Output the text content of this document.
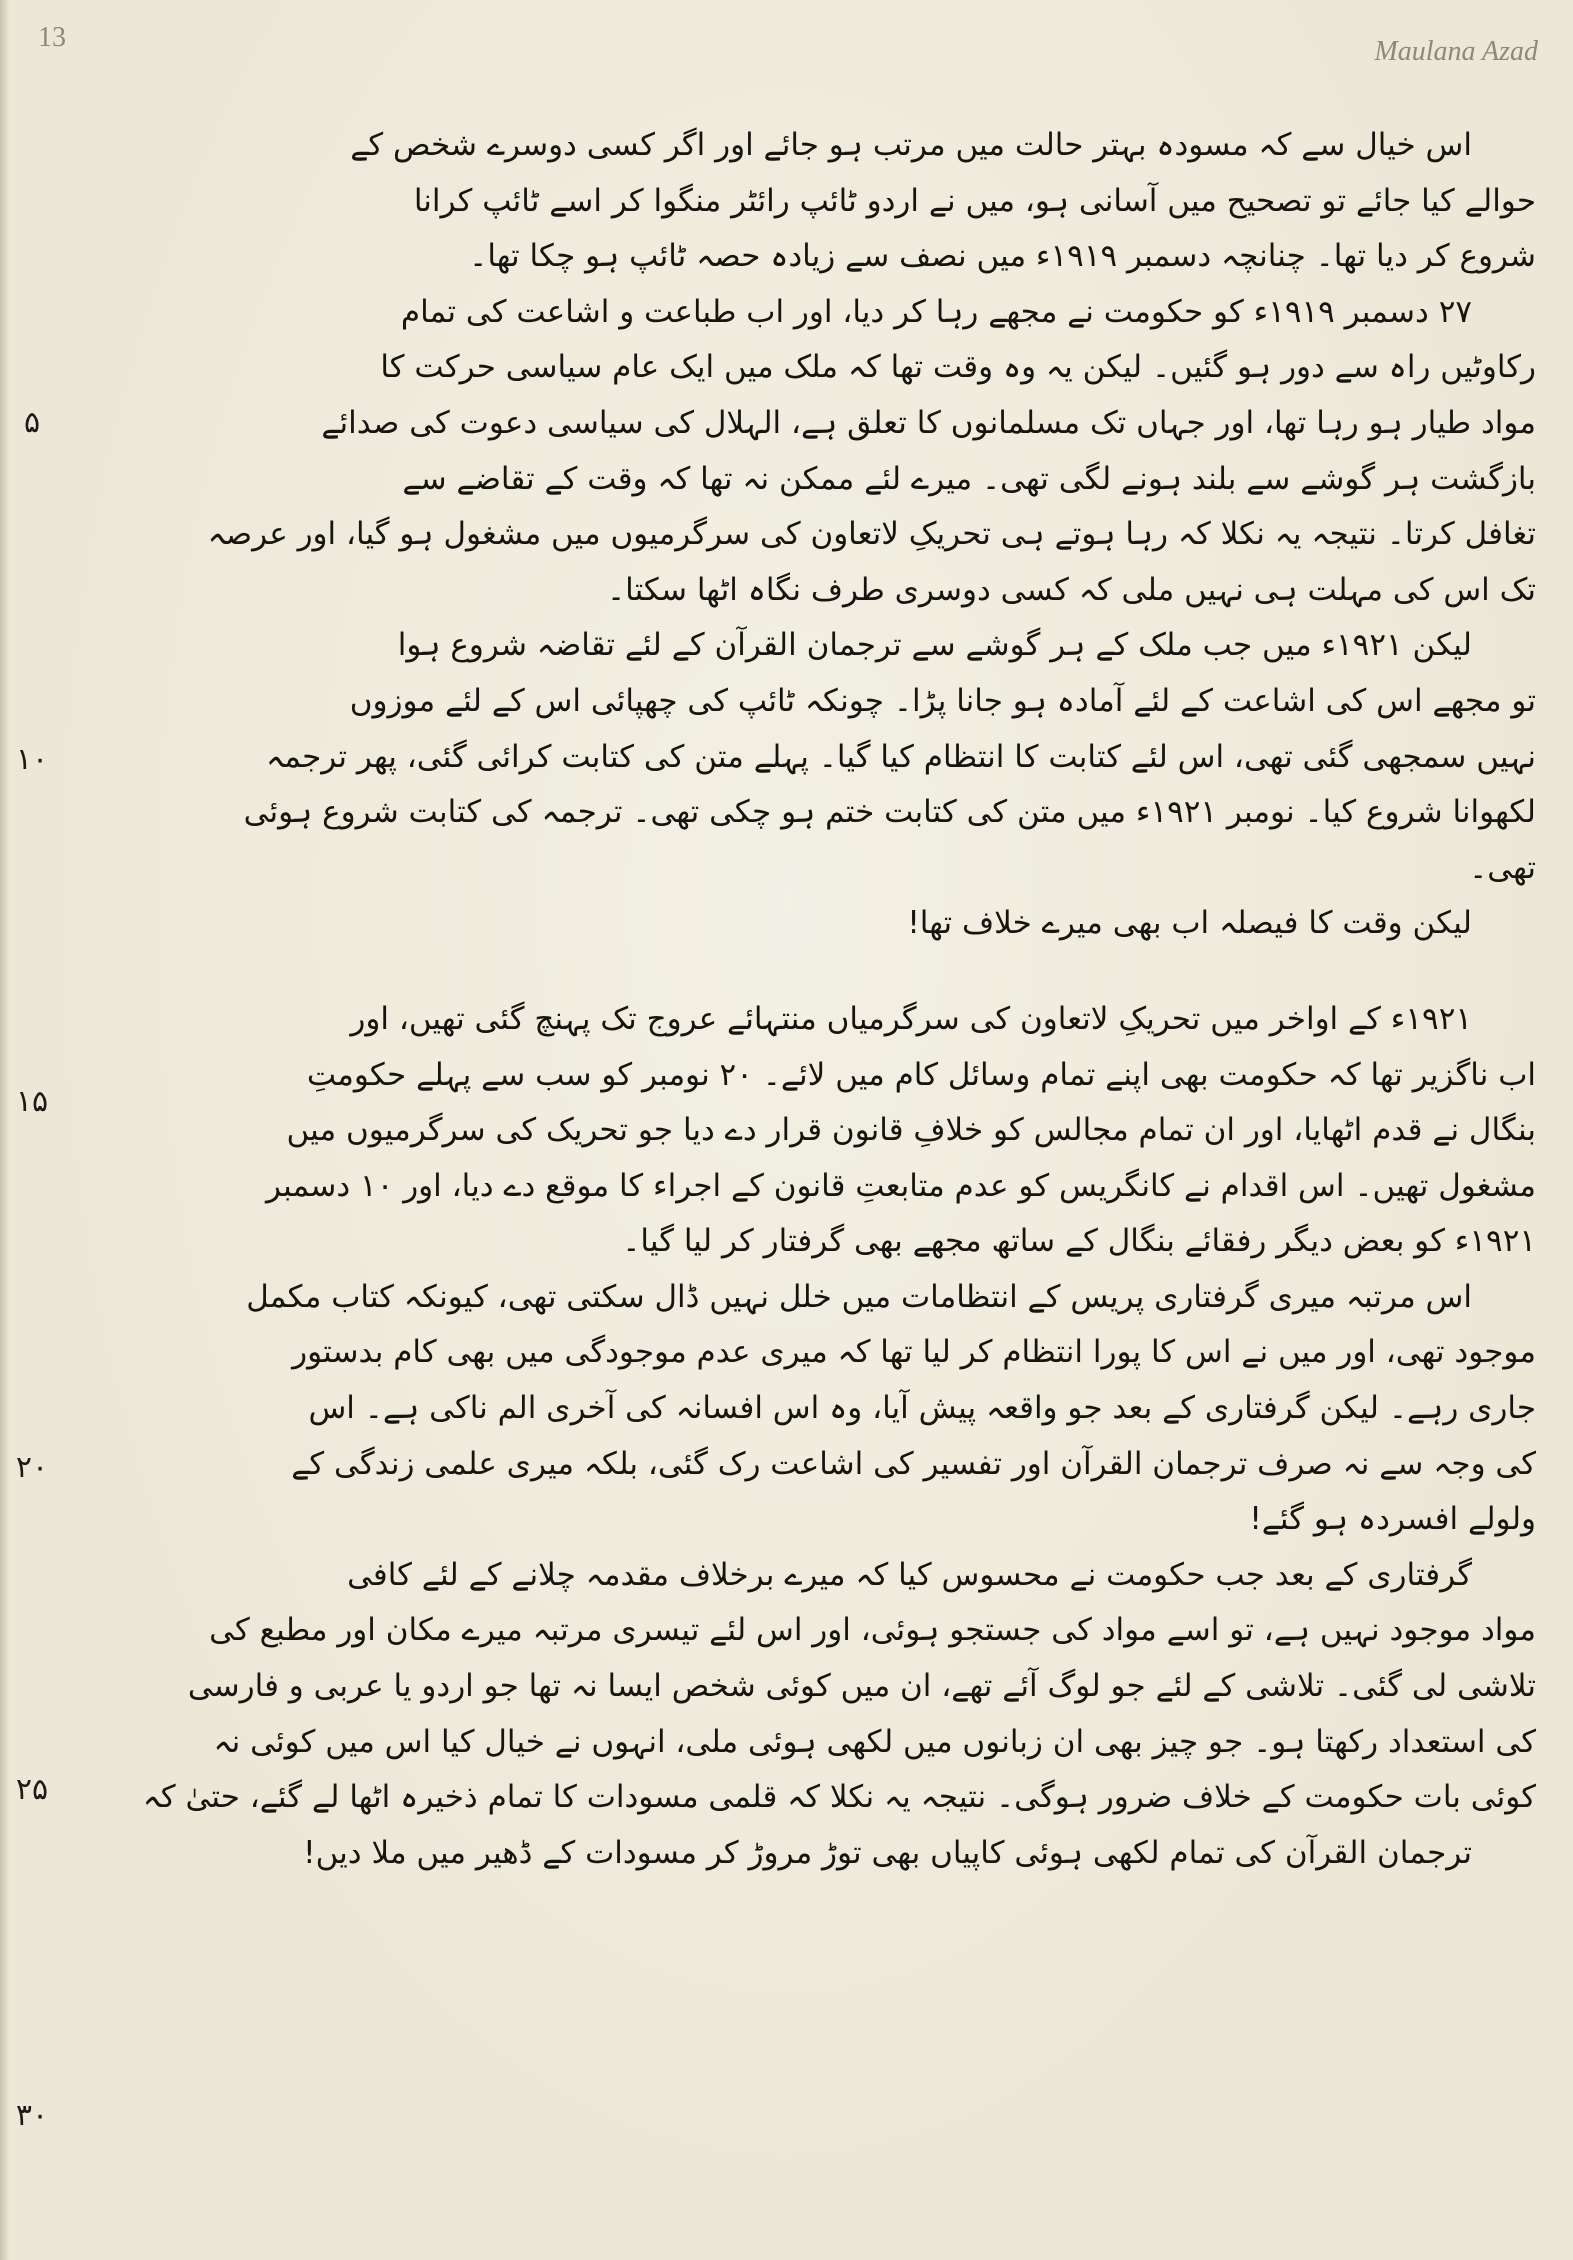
13	Maulana Azad
۵
۱۰
۱۵
۲۰
۲۵
۳۰
اس خیال سے کہ مسودہ بہتر حالت میں مرتب ہو جائے اور اگر کسی دوسرے شخص کے
حوالے کیا جائے تو تصحیح میں آسانی ہو، میں نے اردو ٹائپ رائٹر منگوا کر اسے ٹائپ کرانا
شروع کر دیا تھا۔ چنانچہ دسمبر ۱۹۱۹ء میں نصف سے زیادہ حصہ ٹائپ ہو چکا تھا۔
۲۷ دسمبر ۱۹۱۹ء کو حکومت نے مجھے رہا کر دیا، اور اب طباعت و اشاعت کی تمام
رکاوٹیں راہ سے دور ہو گئیں۔ لیکن یہ وہ وقت تھا کہ ملک میں ایک عام سیاسی حرکت کا
مواد طیار ہو رہا تھا، اور جہاں تک مسلمانوں کا تعلق ہے، الہلال کی سیاسی دعوت کی صدائے
بازگشت ہر گوشے سے بلند ہونے لگی تھی۔ میرے لئے ممکن نہ تھا کہ وقت کے تقاضے سے
تغافل کرتا۔ نتیجہ یہ نکلا کہ رہا ہوتے ہی تحریکِ لاتعاون کی سرگرمیوں میں مشغول ہو گیا، اور عرصہ
تک اس کی مہلت ہی نہیں ملی کہ کسی دوسری طرف نگاہ اٹھا سکتا۔
لیکن ۱۹۲۱ء میں جب ملک کے ہر گوشے سے ترجمان القرآن کے لئے تقاضہ شروع ہوا
تو مجھے اس کی اشاعت کے لئے آمادہ ہو جانا پڑا۔ چونکہ ٹائپ کی چھپائی اس کے لئے موزوں
نہیں سمجھی گئی تھی، اس لئے کتابت کا انتظام کیا گیا۔ پہلے متن کی کتابت کرائی گئی، پھر ترجمہ
لکھوانا شروع کیا۔ نومبر ۱۹۲۱ء میں متن کی کتابت ختم ہو چکی تھی۔ ترجمہ کی کتابت شروع ہوئی
تھی۔
لیکن وقت کا فیصلہ اب بھی میرے خلاف تھا!
۱۹۲۱ء کے اواخر میں تحریکِ لاتعاون کی سرگرمیاں منتہائے عروج تک پہنچ گئی تھیں، اور
اب ناگزیر تھا کہ حکومت بھی اپنے تمام وسائل کام میں لائے۔ ۲۰ نومبر کو سب سے پہلے حکومتِ
بنگال نے قدم اٹھایا، اور ان تمام مجالس کو خلافِ قانون قرار دے دیا جو تحریک کی سرگرمیوں میں
مشغول تھیں۔ اس اقدام نے کانگریس کو عدم متابعتِ قانون کے اجراء کا موقع دے دیا، اور ۱۰ دسمبر
۱۹۲۱ء کو بعض دیگر رفقائے بنگال کے ساتھ مجھے بھی گرفتار کر لیا گیا۔
اس مرتبہ میری گرفتاری پریس کے انتظامات میں خلل نہیں ڈال سکتی تھی، کیونکہ کتاب مکمل
موجود تھی، اور میں نے اس کا پورا انتظام کر لیا تھا کہ میری عدم موجودگی میں بھی کام بدستور
جاری رہے۔ لیکن گرفتاری کے بعد جو واقعہ پیش آیا، وہ اس افسانہ کی آخری الم ناکی ہے۔ اس
کی وجہ سے نہ صرف ترجمان القرآن اور تفسیر کی اشاعت رک گئی، بلکہ میری علمی زندگی کے
ولولے افسردہ ہو گئے!
گرفتاری کے بعد جب حکومت نے محسوس کیا کہ میرے برخلاف مقدمہ چلانے کے لئے کافی
مواد موجود نہیں ہے، تو اسے مواد کی جستجو ہوئی، اور اس لئے تیسری مرتبہ میرے مکان اور مطبع کی
تلاشی لی گئی۔ تلاشی کے لئے جو لوگ آئے تھے، ان میں کوئی شخص ایسا نہ تھا جو اردو یا عربی و فارسی
کی استعداد رکھتا ہو۔ جو چیز بھی ان زبانوں میں لکھی ہوئی ملی، انہوں نے خیال کیا اس میں کوئی نہ
کوئی بات حکومت کے خلاف ضرور ہوگی۔ نتیجہ یہ نکلا کہ قلمی مسودات کا تمام ذخیرہ اٹھا لے گئے، حتیٰ کہ
ترجمان القرآن کی تمام لکھی ہوئی کاپیاں بھی توڑ مروڑ کر مسودات کے ڈھیر میں ملا دیں!
